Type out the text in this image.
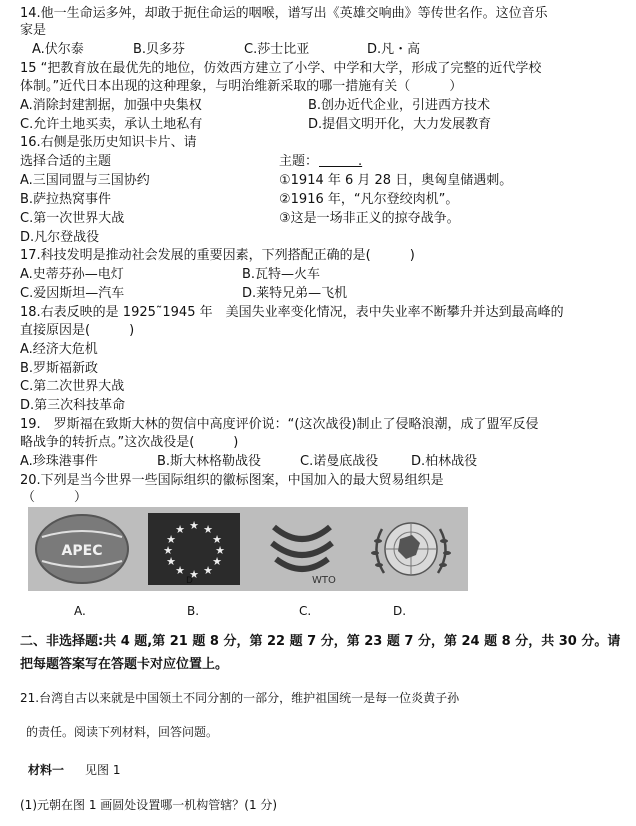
14.他一生命运多舛，却敢于扼住命运的咽喉，谱写出《英雄交响曲》等传世名作。这位音乐
家是
A.伏尔泰	B.贝多芬	C.莎士比亚	D.凡・高
15 “把教育放在最优先的地位，仿效西方建立了小学、中学和大学，形成了完整的近代学校
体制。”近代日本出现的这种理象，与明治维新采取的哪一措施有关（　　　）
A.消除封建割据，加强中央集权	B.创办近代企业，引进西方技术
C.允许土地买卖，承认土地私有	D.提倡文明开化，大力发展教育
16.右侧是张历史知识卡片、请
选择合适的主题	主题： 　　　.
A.三国同盟与三国协约	①1914 年 6 月 28 日，奥匈皇储遇刺。
B.萨拉热窝事件	②1916 年，“凡尔登绞肉机”。
C.第一次世界大战	③这是一场非正义的掠夺战争。
D.凡尔登战役
17.科技发明是推动社会发展的重要因素，下列搭配正确的是(　　　)
A.史蒂芬孙—电灯	B.瓦特—火车
C.爱因斯坦—汽车	D.莱特兄弟—飞机
18.右表反映的是 1925˜1945 年　美国失业率变化情况，表中失业率不断攀升并达到最高峰的
直接原因是(　　　)
A.经济大危机
B.罗斯福新政
C.第二次世界大战
D.第三次科技革命
19.　罗斯福在致斯大林的贺信中高度评价说：“(这次战役)制止了侵略浪潮，成了盟军反侵
略战争的转折点。”这次战役是(　　　)
A.珍珠港事件	B.斯大林格勒战役	C.诺曼底战役	D.柏林战役
20.下列是当今世界一些国际组织的徽标图案，中国加入的最大贸易组织是
（　　　）
APEC
★ ★
★
★
★
★
★
★
★
★
★
★
WTO
D
A.	B.	C.	D.
二、非选择题:共 4 题,第 21 题 8 分，第 22 题 7 分，第 23 题 7 分，第 24 题 8 分，共 30 分。请
把每题答案写在答题卡对应位置上。
21.台湾自古以来就是中国领土不同分割的一部分，维护祖国统一是每一位炎黄子孙
的责任。阅读下列材料，回答问题。
材料一 见图 1
(1)元朝在图 1 画圆处设置哪一机构管辖？(1 分)
